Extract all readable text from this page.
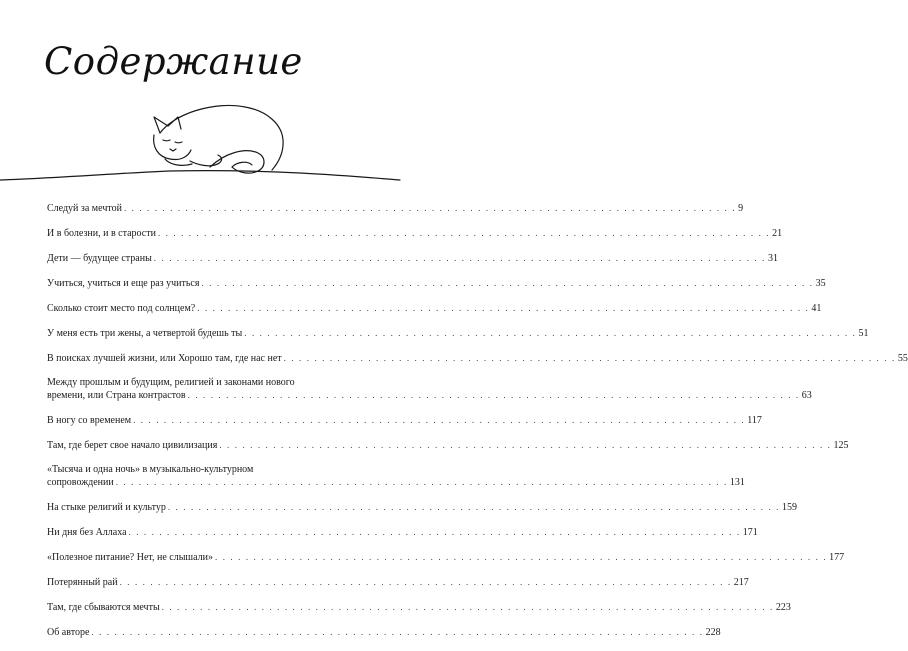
Содержание
Следуй за мечтой . . . . . . . . . . . . . . . . . . . . . . . . . . . . . . . . . . . . . . . . . . . . . . . . . . . . . . . . . . . . . . . . . . . . . . . . . . . . . . . . 9
И в болезни, и в старости . . . . . . . . . . . . . . . . . . . . . . . . . . . . . . . . . . . . . . . . . . . . . . . . . . . . . . . . . . . . . . . . . . . . . . . . . . . . . . . . 21
Дети — будущее страны . . . . . . . . . . . . . . . . . . . . . . . . . . . . . . . . . . . . . . . . . . . . . . . . . . . . . . . . . . . . . . . . . . . . . . . . . . . . . . . . 31
Учиться, учиться и еще раз учиться . . . . . . . . . . . . . . . . . . . . . . . . . . . . . . . . . . . . . . . . . . . . . . . . . . . . . . . . . . . . . . . . . . . . . . . . . . . . . . . . 35
Сколько стоит место под солнцем? . . . . . . . . . . . . . . . . . . . . . . . . . . . . . . . . . . . . . . . . . . . . . . . . . . . . . . . . . . . . . . . . . . . . . . . . . . . . . . . . 41
У меня есть три жены, а четвертой будешь ты . . . . . . . . . . . . . . . . . . . . . . . . . . . . . . . . . . . . . . . . . . . . . . . . . . . . . . . . . . . . . . . . . . . . . . . . . . . . . . . . 51
В поисках лучшей жизни, или Хорошо там, где нас нет . . . . . . . . . . . . . . . . . . . . . . . . . . . . . . . . . . . . . . . . . . . . . . . . . . . . . . . . . . . . . . . . . . . . . . . . . . . . . . . . 55
Между прошлым и будущим, религией и законами нового
времени, или Страна контрастов . . . . . . . . . . . . . . . . . . . . . . . . . . . . . . . . . . . . . . . . . . . . . . . . . . . . . . . . . . . . . . . . . . . . . . . . . . . . . . . . 63
В ногу со временем . . . . . . . . . . . . . . . . . . . . . . . . . . . . . . . . . . . . . . . . . . . . . . . . . . . . . . . . . . . . . . . . . . . . . . . . . . . . . . . . 117
Там, где берет свое начало цивилизация . . . . . . . . . . . . . . . . . . . . . . . . . . . . . . . . . . . . . . . . . . . . . . . . . . . . . . . . . . . . . . . . . . . . . . . . . . . . . . . . 125
«Тысяча и одна ночь» в музыкально-культурном
сопровождении . . . . . . . . . . . . . . . . . . . . . . . . . . . . . . . . . . . . . . . . . . . . . . . . . . . . . . . . . . . . . . . . . . . . . . . . . . . . . . . . 131
На стыке религий и культур . . . . . . . . . . . . . . . . . . . . . . . . . . . . . . . . . . . . . . . . . . . . . . . . . . . . . . . . . . . . . . . . . . . . . . . . . . . . . . . . 159
Ни дня без Аллаха . . . . . . . . . . . . . . . . . . . . . . . . . . . . . . . . . . . . . . . . . . . . . . . . . . . . . . . . . . . . . . . . . . . . . . . . . . . . . . . . 171
«Полезное питание? Нет, не слышали» . . . . . . . . . . . . . . . . . . . . . . . . . . . . . . . . . . . . . . . . . . . . . . . . . . . . . . . . . . . . . . . . . . . . . . . . . . . . . . . . 177
Потерянный рай . . . . . . . . . . . . . . . . . . . . . . . . . . . . . . . . . . . . . . . . . . . . . . . . . . . . . . . . . . . . . . . . . . . . . . . . . . . . . . . . 217
Там, где сбываются мечты . . . . . . . . . . . . . . . . . . . . . . . . . . . . . . . . . . . . . . . . . . . . . . . . . . . . . . . . . . . . . . . . . . . . . . . . . . . . . . . . 223
Об авторе . . . . . . . . . . . . . . . . . . . . . . . . . . . . . . . . . . . . . . . . . . . . . . . . . . . . . . . . . . . . . . . . . . . . . . . . . . . . . . . . 228
